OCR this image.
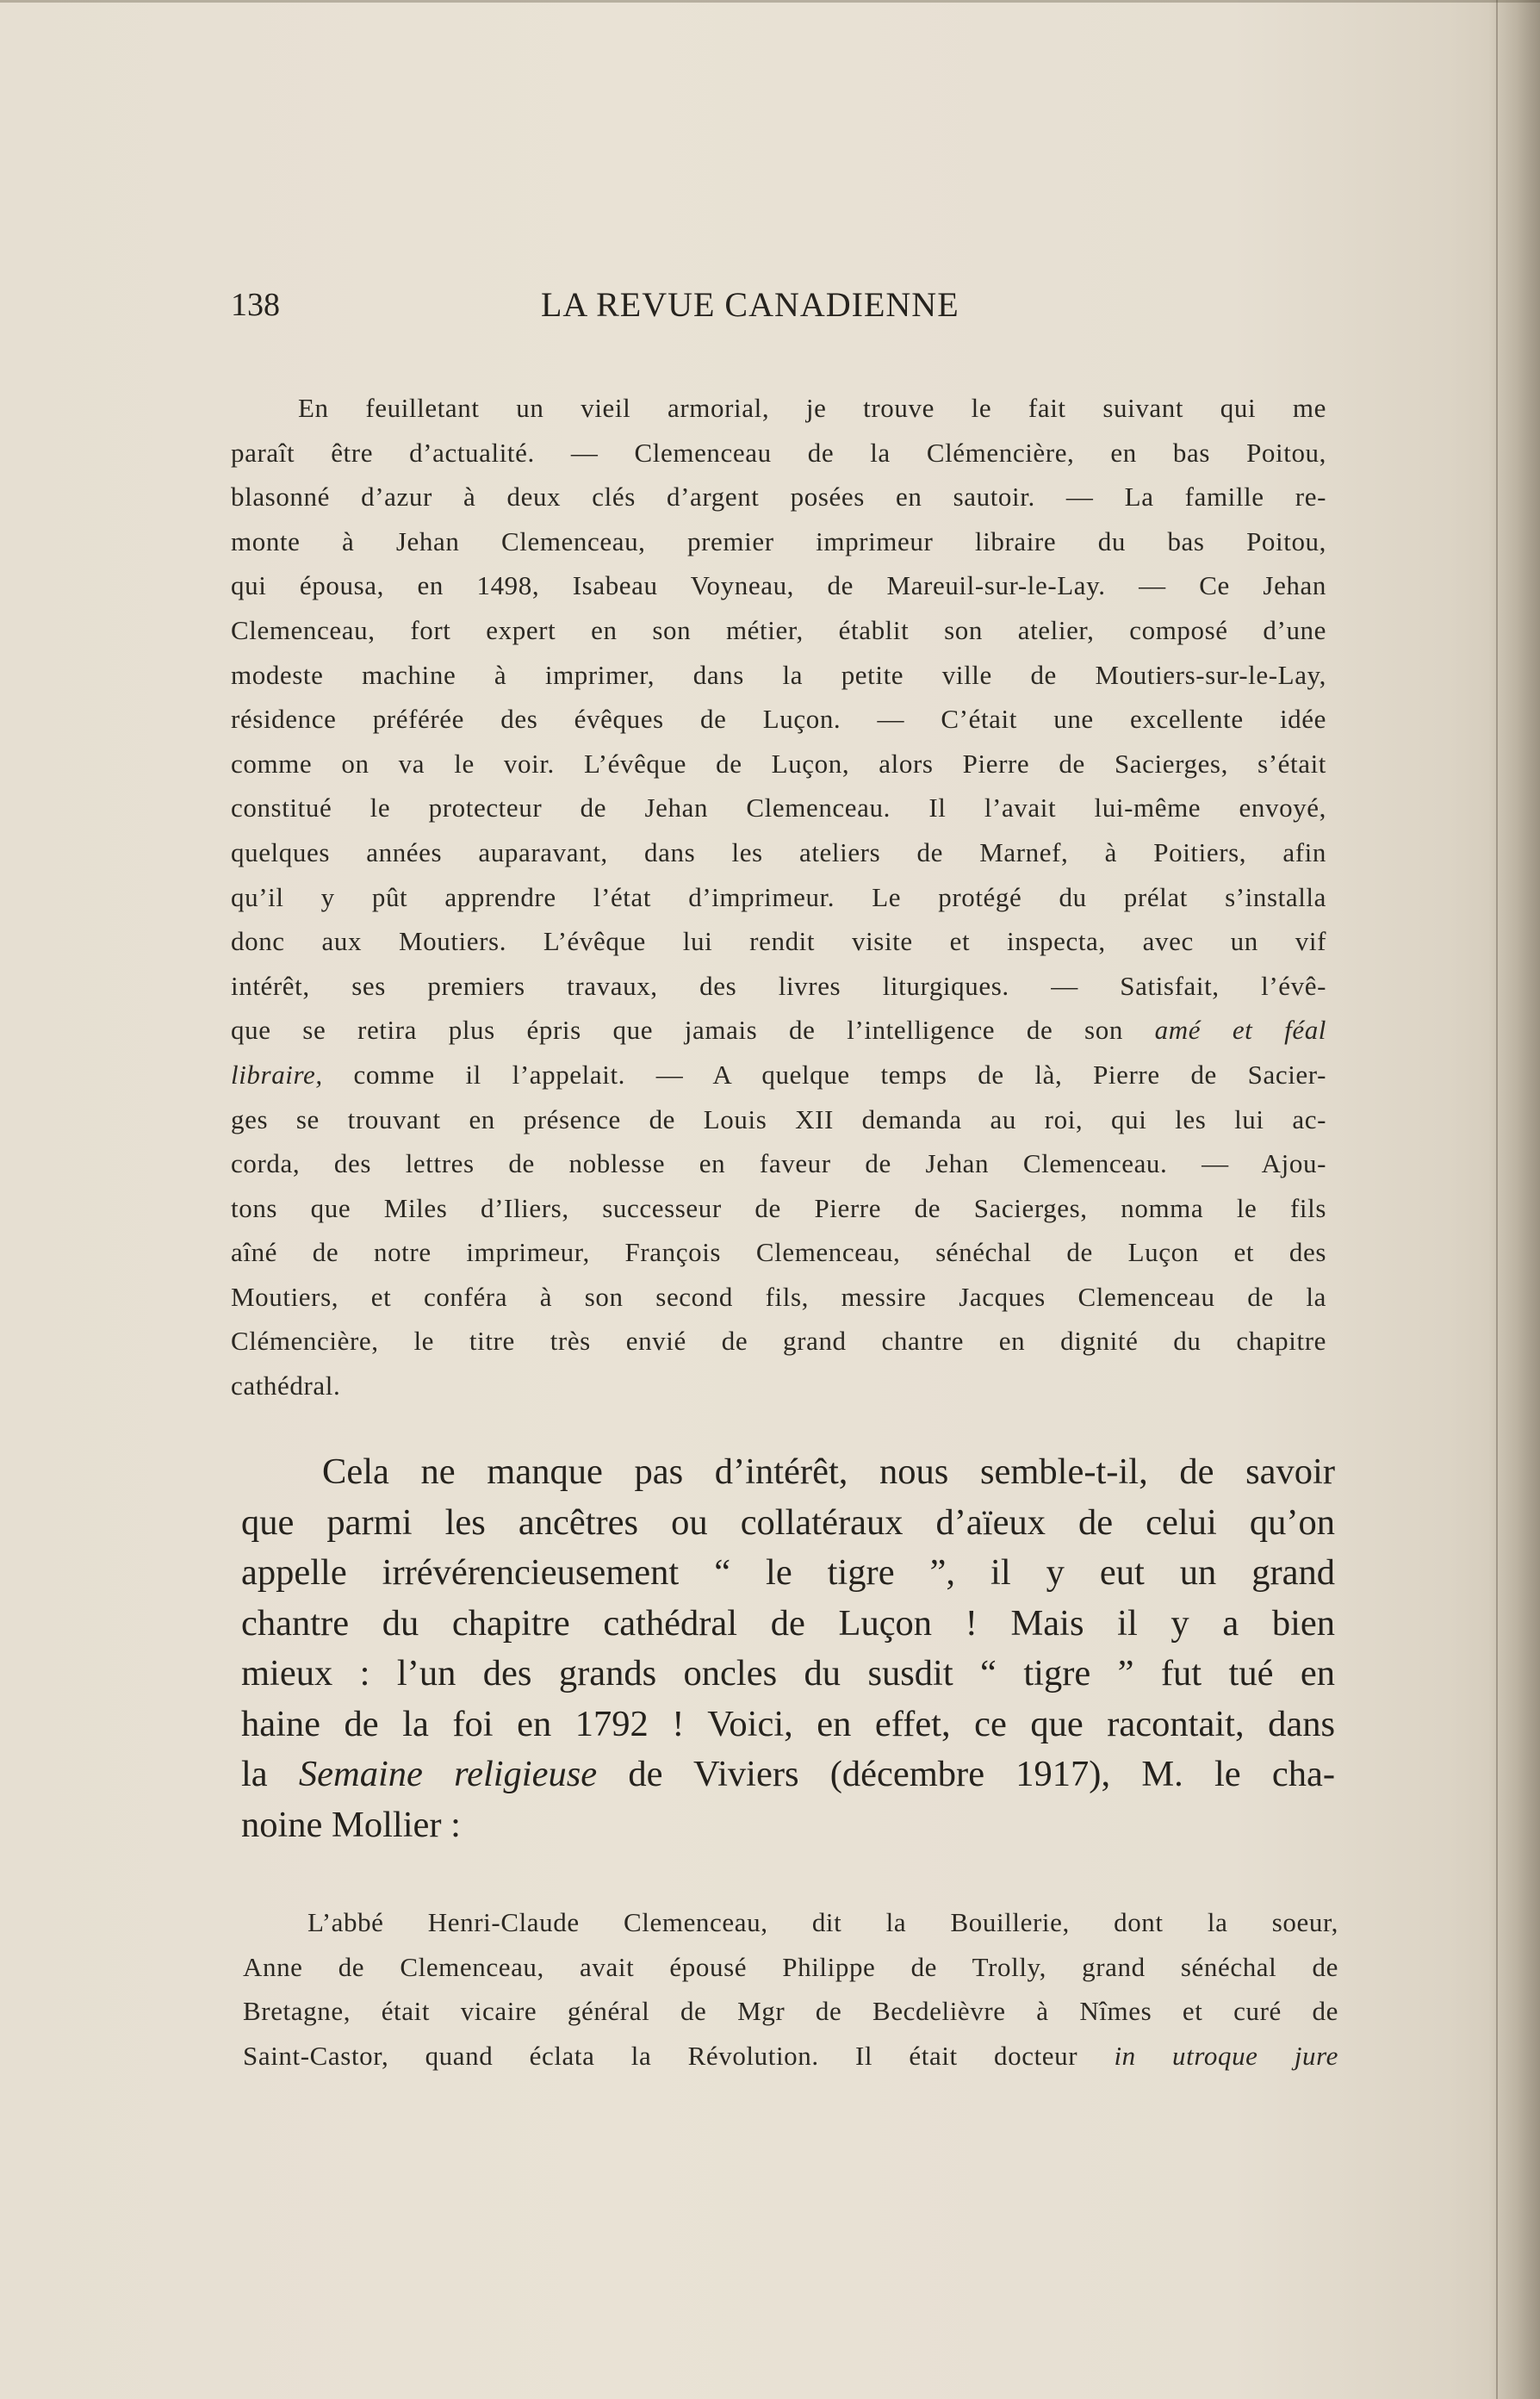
138	LA REVUE CANADIENNE
En feuilletant un vieil armorial, je trouve le fait suivant qui me
paraît être d’actualité. — Clemenceau de la Clémencière, en bas Poitou,
blasonné d’azur à deux clés d’argent posées en sautoir. — La famille re-
monte à Jehan Clemenceau, premier imprimeur libraire du bas Poitou,
qui épousa, en 1498, Isabeau Voyneau, de Mareuil-sur-le-Lay. — Ce Jehan
Clemenceau, fort expert en son métier, établit son atelier, composé d’une
modeste machine à imprimer, dans la petite ville de Moutiers-sur-le-Lay,
résidence préférée des évêques de Luçon. — C’était une excellente idée
comme on va le voir. L’évêque de Luçon, alors Pierre de Sacierges, s’était
constitué le protecteur de Jehan Clemenceau. Il l’avait lui-même envoyé,
quelques années auparavant, dans les ateliers de Marnef, à Poitiers, afin
qu’il y pût apprendre l’état d’imprimeur. Le protégé du prélat s’installa
donc aux Moutiers. L’évêque lui rendit visite et inspecta, avec un vif
intérêt, ses premiers travaux, des livres liturgiques. — Satisfait, l’évê-
que se retira plus épris que jamais de l’intelligence de son amé et féal
libraire, comme il l’appelait. — A quelque temps de là, Pierre de Sacier-
ges se trouvant en présence de Louis XII demanda au roi, qui les lui ac-
corda, des lettres de noblesse en faveur de Jehan Clemenceau. — Ajou-
tons que Miles d’Iliers, successeur de Pierre de Sacierges, nomma le fils
aîné de notre imprimeur, François Clemenceau, sénéchal de Luçon et des
Moutiers, et conféra à son second fils, messire Jacques Clemenceau de la
Clémencière, le titre très envié de grand chantre en dignité du chapitre
cathédral.
Cela ne manque pas d’intérêt, nous semble-t-il, de savoir
que parmi les ancêtres ou collatéraux d’aïeux de celui qu’on
appelle irrévérencieusement “ le tigre ”, il y eut un grand
chantre du chapitre cathédral de Luçon ! Mais il y a bien
mieux : l’un des grands oncles du susdit “ tigre ” fut tué en
haine de la foi en 1792 ! Voici, en effet, ce que racontait, dans
la Semaine religieuse de Viviers (décembre 1917), M. le cha-
noine Mollier :
L’abbé Henri-Claude Clemenceau, dit la Bouillerie, dont la soeur,
Anne de Clemenceau, avait épousé Philippe de Trolly, grand sénéchal de
Bretagne, était vicaire général de Mgr de Becdelièvre à Nîmes et curé de
Saint-Castor, quand éclata la Révolution. Il était docteur in utroque jure
